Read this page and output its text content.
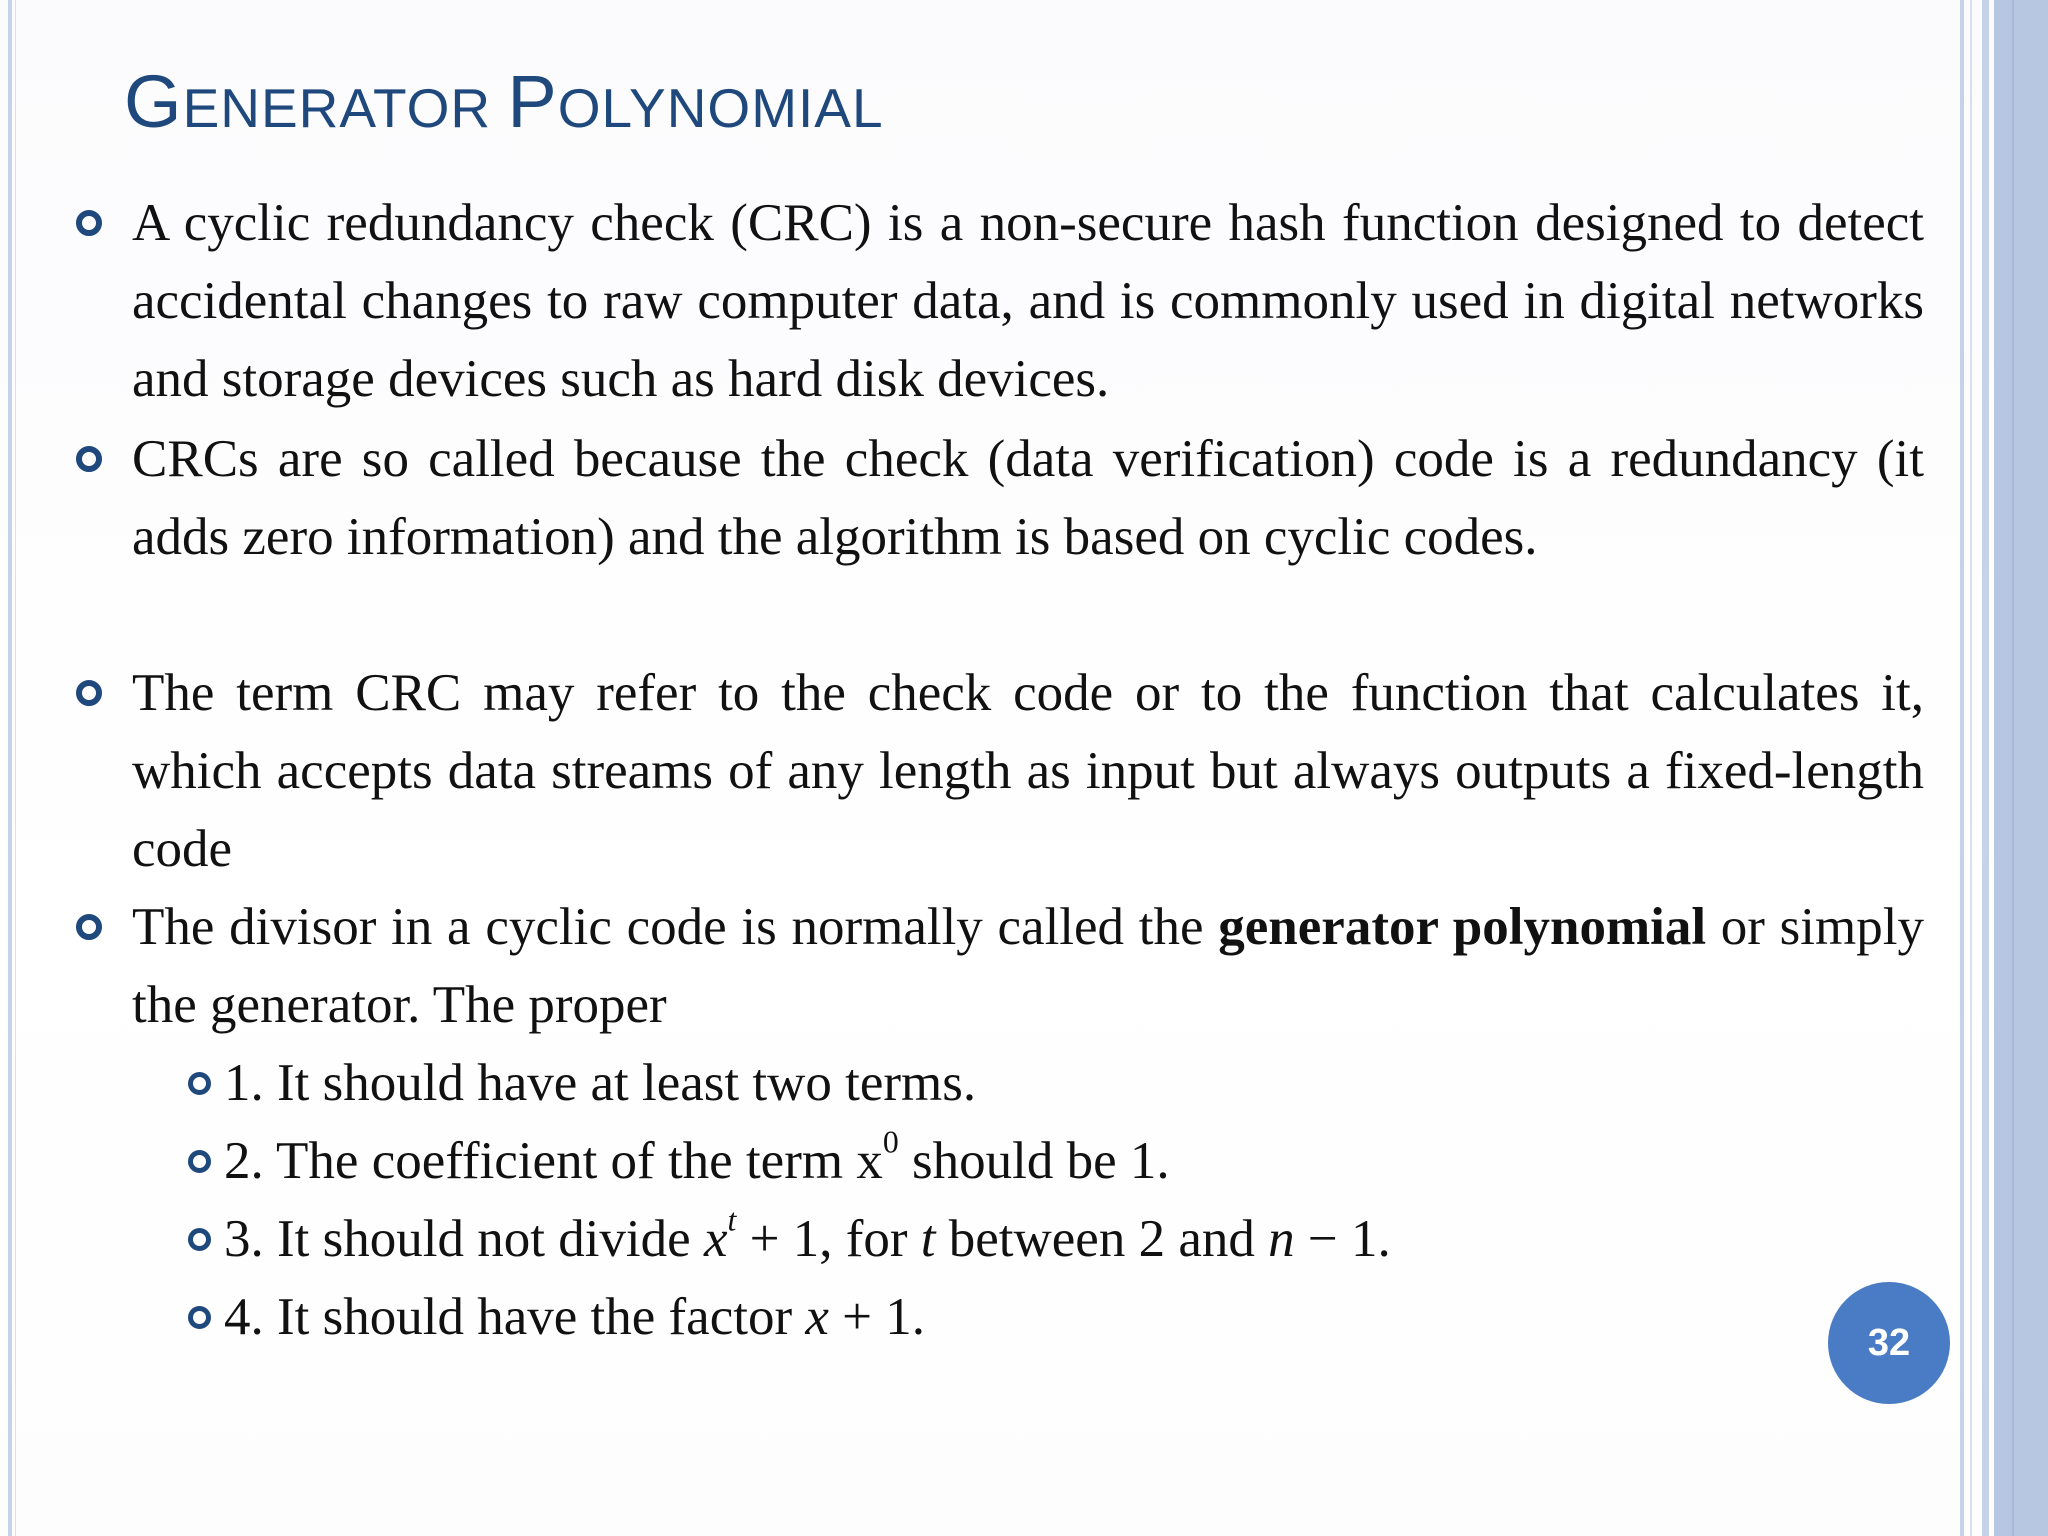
GENERATOR POLYNOMIAL
A cyclic redundancy check (CRC) is a non-secure hash function designed to detect accidental changes to raw computer data, and is commonly used in digital networks and storage devices such as hard disk devices.
CRCs are so called because the check (data verification) code is a redundancy (it adds zero information) and the algorithm is based on cyclic codes.
The term CRC may refer to the check code or to the function that calculates it, which accepts data streams of any length as input but always outputs a fixed-length code
The divisor in a cyclic code is normally called the generator polynomial or simply the generator. The proper
1. It should have at least two terms.
2. The coefficient of the term $x^0$ should be 1.
3. It should not divide $x^t + 1$, for t between 2 and n − 1.
4. It should have the factor x + 1.	32
